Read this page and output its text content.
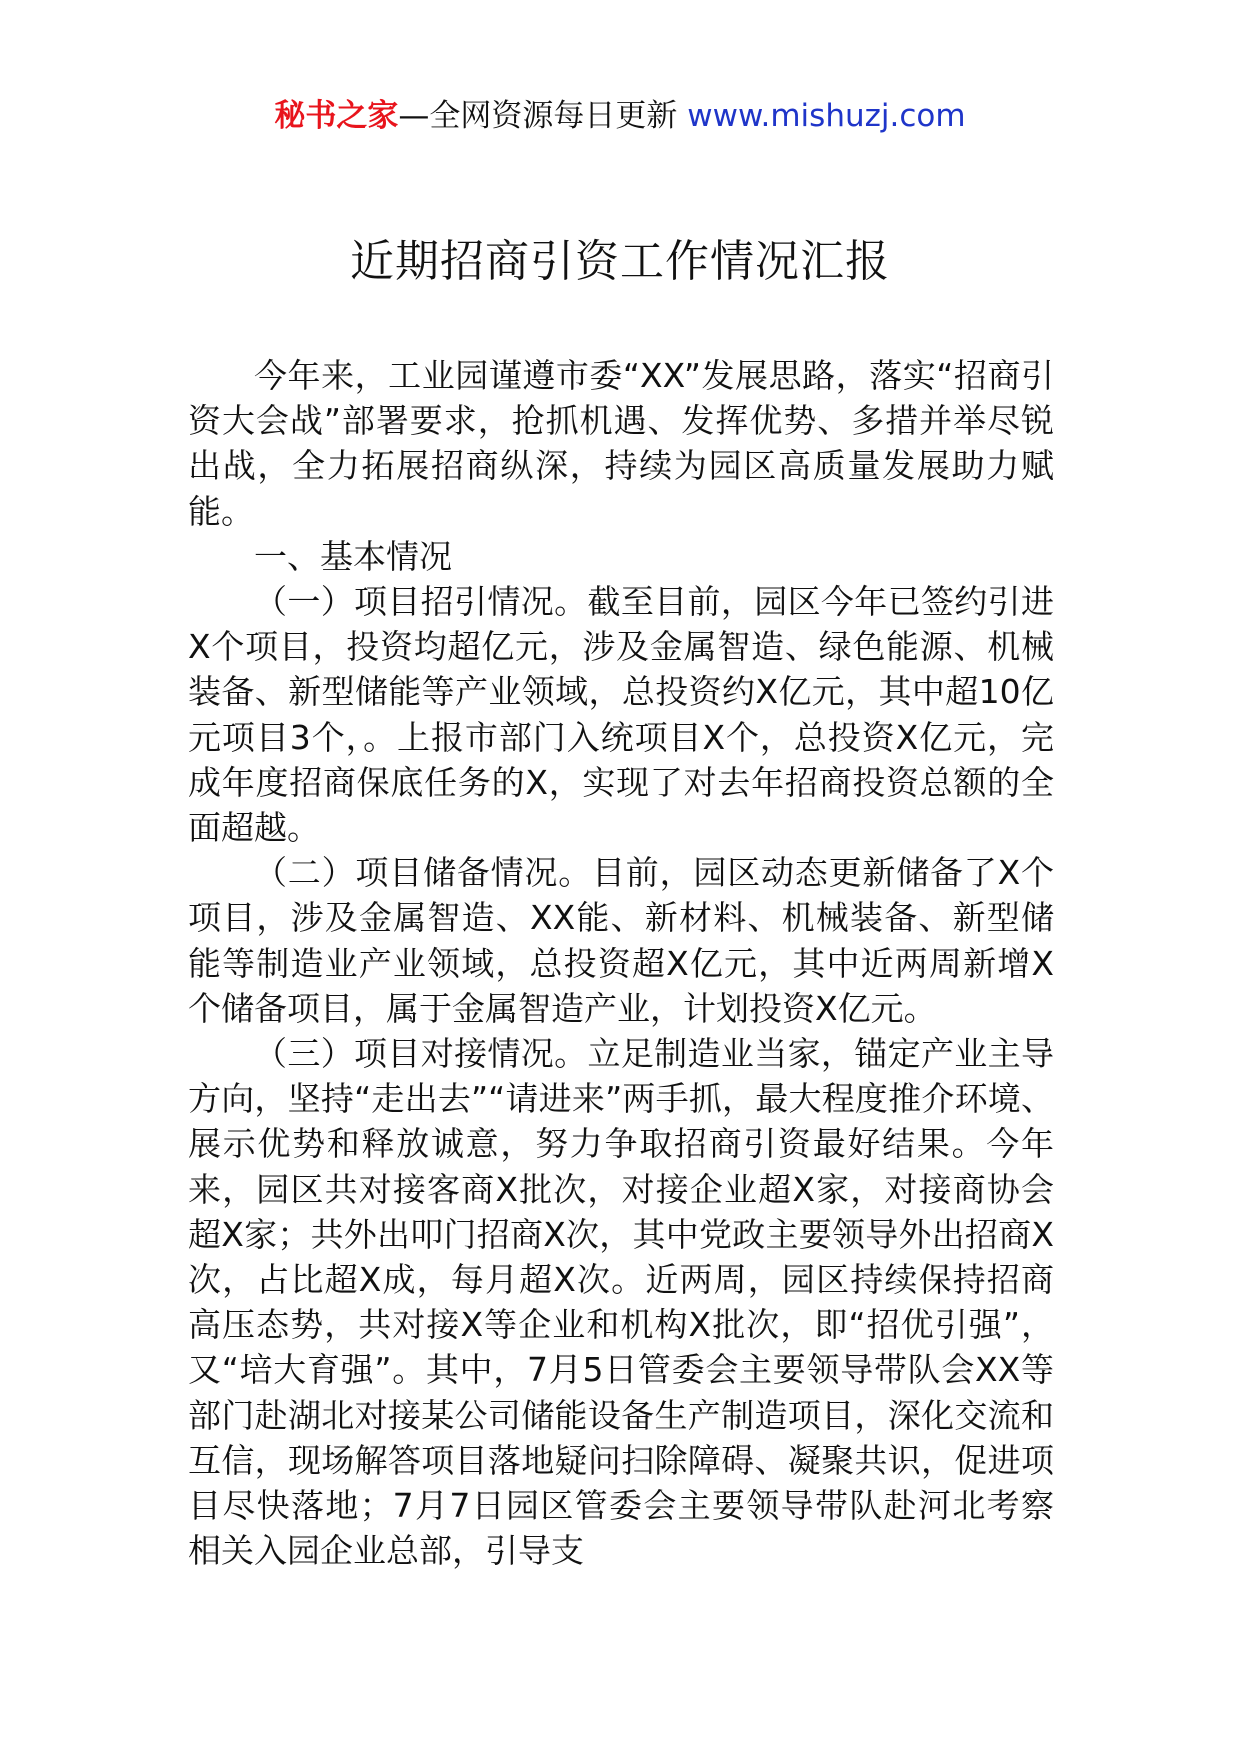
秘书之家—全网资源每日更新 www.mishuzj.com
近期招商引资工作情况汇报

今年来，工业园谨遵市委“XX”发展思路，落实“招商引资大会战”部署要求，抢抓机遇、发挥优势、多措并举尽锐出战，全力拓展招商纵深，持续为园区高质量发展助力赋能。

一、基本情况

（一）项目招引情况。截至目前，园区今年已签约引进X个项目，投资均超亿元，涉及金属智造、绿色能源、机械装备、新型储能等产业领域，总投资约X亿元，其中超10亿元项目3个，。上报市部门入统项目X个，总投资X亿元，完成年度招商保底任务的X，实现了对去年招商投资总额的全面超越。

（二）项目储备情况。目前，园区动态更新储备了X个项目，涉及金属智造、XX能、新材料、机械装备、新型储能等制造业产业领域，总投资超X亿元，其中近两周新增X个储备项目，属于金属智造产业，计划投资X亿元。

（三）项目对接情况。立足制造业当家，锚定产业主导方向，坚持“走出去”“请进来”两手抓，最大程度推介环境、展示优势和释放诚意，努力争取招商引资最好结果。今年来，园区共对接客商X批次，对接企业超X家，对接商协会超X家；共外出叩门招商X次，其中党政主要领导外出招商X次，占比超X成，每月超X次。近两周，园区持续保持招商高压态势，共对接X等企业和机构X批次，即“招优引强”，又“培大育强”。其中，7月5日管委会主要领导带队会XX等部门赴湖北对接某公司储能设备生产制造项目，深化交流和互信，现场解答项目落地疑问扫除障碍、凝聚共识，促进项目尽快落地；7月7日园区管委会主要领导带队赴河北考察相关入园企业总部，引导支
